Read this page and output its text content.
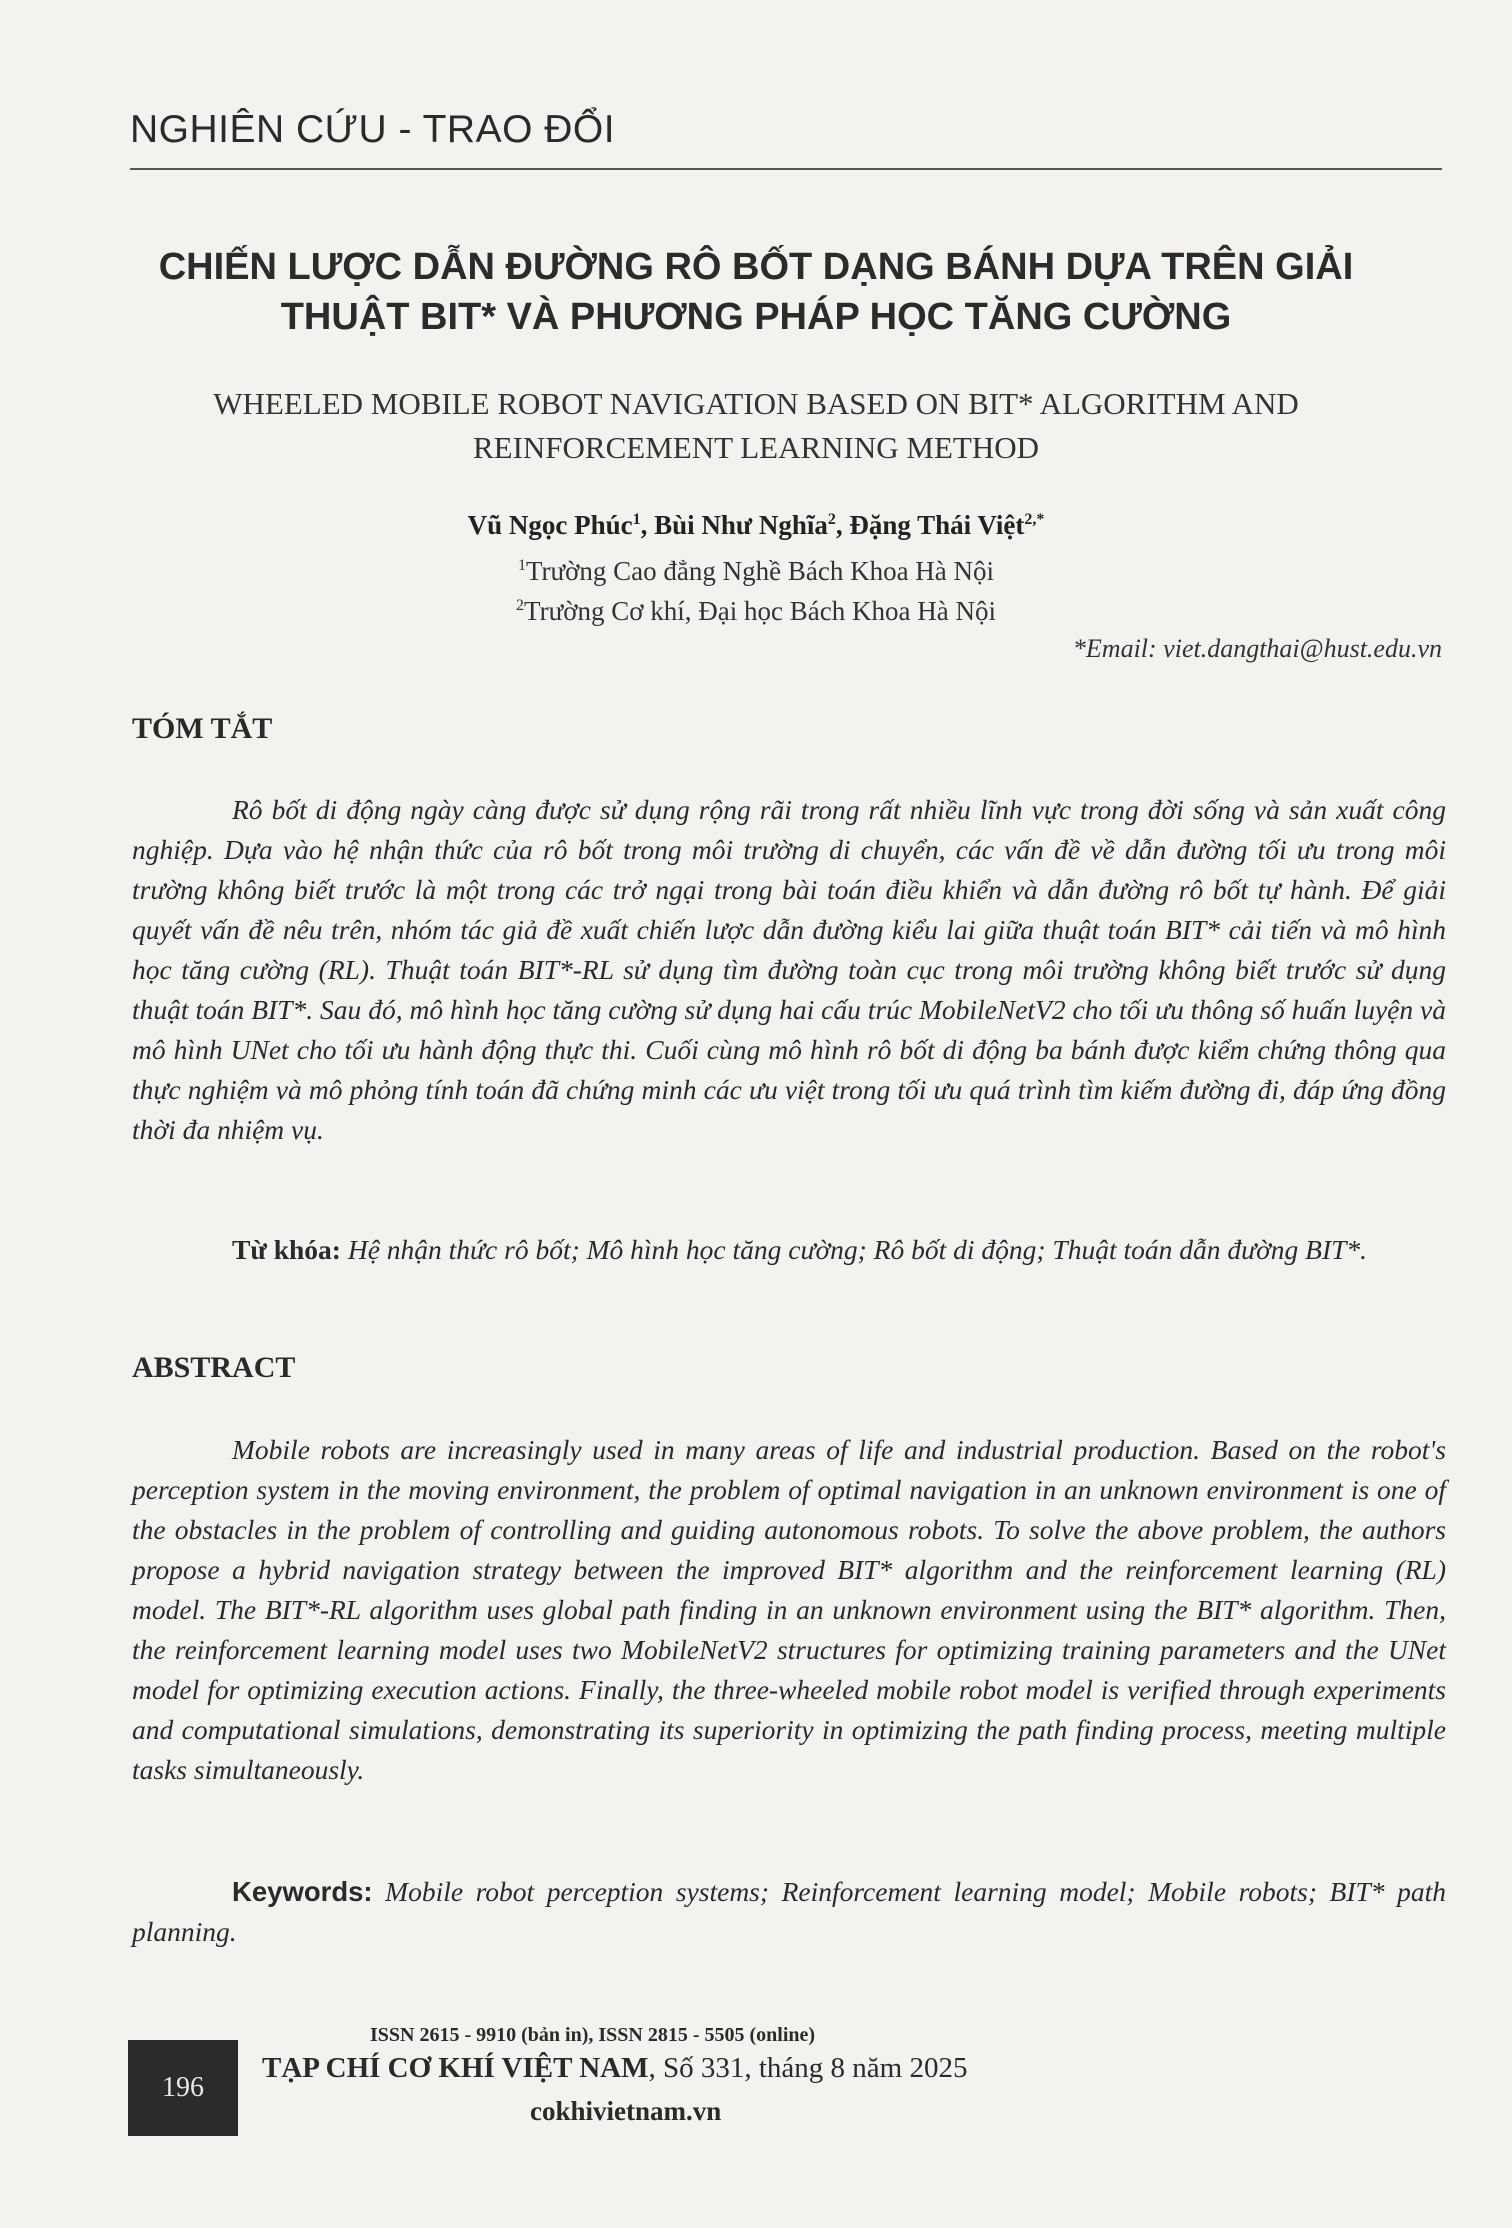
NGHIÊN CỨU - TRAO ĐỔI
CHIẾN LƯỢC DẪN ĐƯỜNG RÔ BỐT DẠNG BÁNH DỰA TRÊN GIẢI
THUẬT BIT* VÀ PHƯƠNG PHÁP HỌC TĂNG CƯỜNG
WHEELED MOBILE ROBOT NAVIGATION BASED ON BIT* ALGORITHM AND
REINFORCEMENT LEARNING METHOD
Vũ Ngọc Phúc$^1$, Bùi Như Nghĩa$^2$, Đặng Thái Việt$^{2,*}$
$^1$Trường Cao đẳng Nghề Bách Khoa Hà Nội
$^2$Trường Cơ khí, Đại học Bách Khoa Hà Nội
*Email: viet.dangthai@hust.edu.vn
TÓM TẮT

Rô bốt di động ngày càng được sử dụng rộng rãi trong rất nhiều lĩnh vực trong đời sống và sản xuất công nghiệp. Dựa vào hệ nhận thức của rô bốt trong môi trường di chuyển, các vấn đề về dẫn đường tối ưu trong môi trường không biết trước là một trong các trở ngại trong bài toán điều khiển và dẫn đường rô bốt tự hành. Để giải quyết vấn đề nêu trên, nhóm tác giả đề xuất chiến lược dẫn đường kiểu lai giữa thuật toán BIT* cải tiến và mô hình học tăng cường (RL). Thuật toán BIT*-RL sử dụng tìm đường toàn cục trong môi trường không biết trước sử dụng thuật toán BIT*. Sau đó, mô hình học tăng cường sử dụng hai cấu trúc MobileNetV2 cho tối ưu thông số huấn luyện và mô hình UNet cho tối ưu hành động thực thi. Cuối cùng mô hình rô bốt di động ba bánh được kiểm chứng thông qua thực nghiệm và mô phỏng tính toán đã chứng minh các ưu việt trong tối ưu quá trình tìm kiếm đường đi, đáp ứng đồng thời đa nhiệm vụ.

Từ khóa: Hệ nhận thức rô bốt; Mô hình học tăng cường; Rô bốt di động; Thuật toán dẫn đường BIT*.

ABSTRACT

Mobile robots are increasingly used in many areas of life and industrial production. Based on the robot's perception system in the moving environment, the problem of optimal navigation in an unknown environment is one of the obstacles in the problem of controlling and guiding autonomous robots. To solve the above problem, the authors propose a hybrid navigation strategy between the improved BIT* algorithm and the reinforcement learning (RL) model. The BIT*-RL algorithm uses global path finding in an unknown environment using the BIT* algorithm. Then, the reinforcement learning model uses two MobileNetV2 structures for optimizing training parameters and the UNet model for optimizing execution actions. Finally, the three-wheeled mobile robot model is verified through experiments and computational simulations, demonstrating its superiority in optimizing the path finding process, meeting multiple tasks simultaneously.

Keywords: Mobile robot perception systems; Reinforcement learning model; Mobile robots; BIT* path planning.

196
ISSN 2615 - 9910 (bản in), ISSN 2815 - 5505 (online)
TẠP CHÍ CƠ KHÍ VIỆT NAM, Số 331, tháng 8 năm 2025
cokhivietnam.vn
